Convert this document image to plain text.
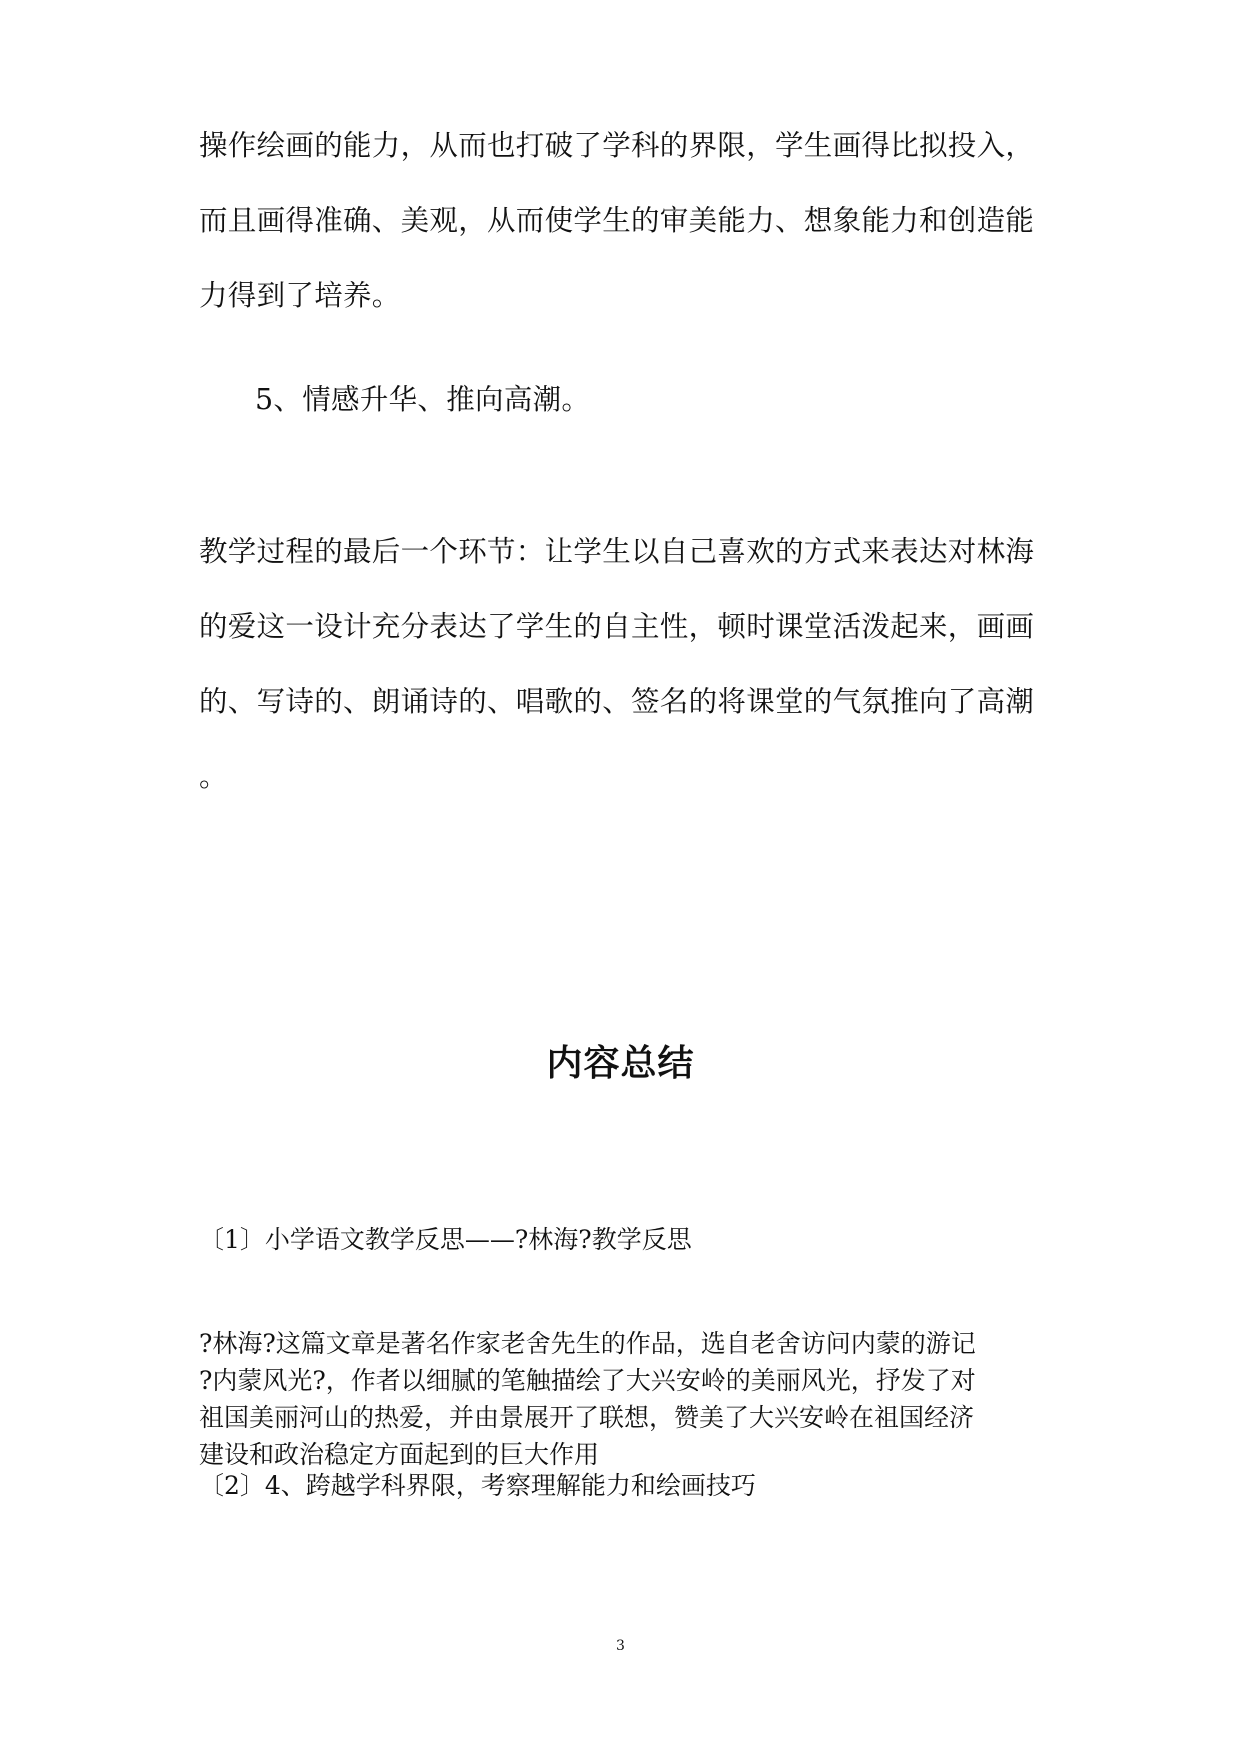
操作绘画的能力，从而也打破了学科的界限，学生画得比拟投入，
而且画得准确、美观，从而使学生的审美能力、想象能力和创造能
力得到了培养。
5、情感升华、推向高潮。
教学过程的最后一个环节：让学生以自己喜欢的方式来表达对林海
的爱这一设计充分表达了学生的自主性，顿时课堂活泼起来，画画
的、写诗的、朗诵诗的、唱歌的、签名的将课堂的气氛推向了高潮
。
内容总结
〔1〕小学语文教学反思——?林海?教学反思
?林海?这篇文章是著名作家老舍先生的作品，选自老舍访问内蒙的游记
?内蒙风光?，作者以细腻的笔触描绘了大兴安岭的美丽风光，抒发了对
祖国美丽河山的热爱，并由景展开了联想，赞美了大兴安岭在祖国经济
建设和政治稳定方面起到的巨大作用
〔2〕4、跨越学科界限，考察理解能力和绘画技巧
3
